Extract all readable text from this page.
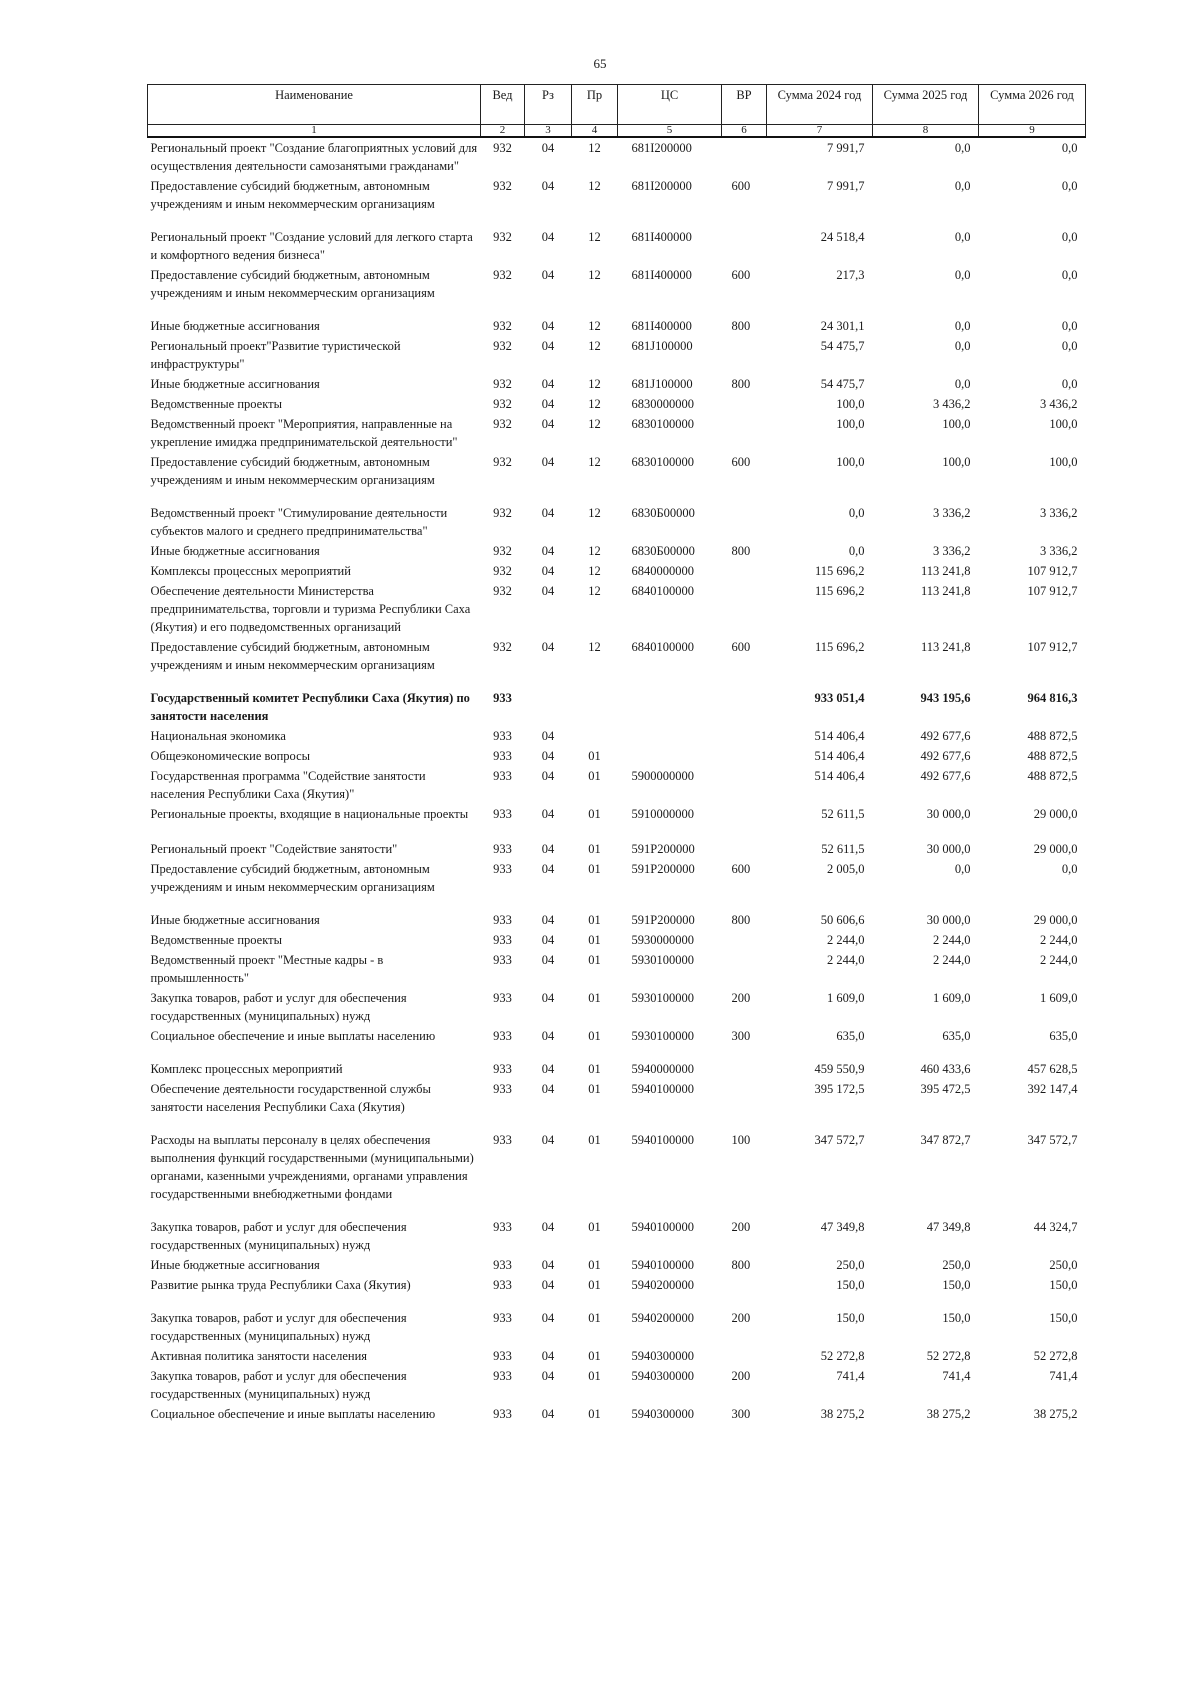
65
Наименование	Вед	Рз	Пр	ЦС	ВР	Сумма 2024 год	Сумма 2025 год	Сумма 2026 год
1	2	3	4	5	6	7	8	9
Региональный проект "Создание благоприятных условий для осуществления деятельности самозанятыми гражданами"	932	04	12	681I200000		7 991,7	0,0	0,0
Предоставление субсидий бюджетным, автономным учреждениям и иным некоммерческим организациям	932	04	12	681I200000	600	7 991,7	0,0	0,0
Региональный проект "Создание условий для легкого старта и комфортного ведения бизнеса"	932	04	12	681I400000		24 518,4	0,0	0,0
Предоставление субсидий бюджетным, автономным учреждениям и иным некоммерческим организациям	932	04	12	681I400000	600	217,3	0,0	0,0
Иные бюджетные ассигнования	932	04	12	681I400000	800	24 301,1	0,0	0,0
Региональный проект"Развитие туристической инфраструктуры"	932	04	12	681J100000		54 475,7	0,0	0,0
Иные бюджетные ассигнования	932	04	12	681J100000	800	54 475,7	0,0	0,0
Ведомственные проекты	932	04	12	6830000000		100,0	3 436,2	3 436,2
Ведомственный проект "Мероприятия, направленные на укрепление имиджа предпринимательской деятельности"	932	04	12	6830100000		100,0	100,0	100,0
Предоставление субсидий бюджетным, автономным учреждениям и иным некоммерческим организациям	932	04	12	6830100000	600	100,0	100,0	100,0
Ведомственный проект "Стимулирование деятельности субъектов малого и среднего предпринимательства"	932	04	12	6830Б00000		0,0	3 336,2	3 336,2
Иные бюджетные ассигнования	932	04	12	6830Б00000	800	0,0	3 336,2	3 336,2
Комплексы процессных мероприятий	932	04	12	6840000000		115 696,2	113 241,8	107 912,7
Обеспечение деятельности Министерства предпринимательства, торговли и туризма Республики Саха (Якутия) и его подведомственных организаций	932	04	12	6840100000		115 696,2	113 241,8	107 912,7
Предоставление субсидий бюджетным, автономным учреждениям и иным некоммерческим организациям	932	04	12	6840100000	600	115 696,2	113 241,8	107 912,7
Государственный комитет Республики Саха (Якутия) по занятости населения	933					933 051,4	943 195,6	964 816,3
Национальная экономика	933	04				514 406,4	492 677,6	488 872,5
Общеэкономические вопросы	933	04	01			514 406,4	492 677,6	488 872,5
Государственная программа "Содействие занятости населения Республики Саха (Якутия)"	933	04	01	5900000000		514 406,4	492 677,6	488 872,5
Региональные проекты, входящие в национальные проекты	933	04	01	5910000000		52 611,5	30 000,0	29 000,0
Региональный проект "Содействие занятости"	933	04	01	591P200000		52 611,5	30 000,0	29 000,0
Предоставление субсидий бюджетным, автономным учреждениям и иным некоммерческим организациям	933	04	01	591P200000	600	2 005,0	0,0	0,0
Иные бюджетные ассигнования	933	04	01	591P200000	800	50 606,6	30 000,0	29 000,0
Ведомственные проекты	933	04	01	5930000000		2 244,0	2 244,0	2 244,0
Ведомственный проект "Местные кадры - в промышленность"	933	04	01	5930100000		2 244,0	2 244,0	2 244,0
Закупка товаров, работ и услуг для обеспечения государственных (муниципальных) нужд	933	04	01	5930100000	200	1 609,0	1 609,0	1 609,0
Социальное обеспечение и иные выплаты населению	933	04	01	5930100000	300	635,0	635,0	635,0
Комплекс процессных мероприятий	933	04	01	5940000000		459 550,9	460 433,6	457 628,5
Обеспечение деятельности государственной службы занятости населения Республики Саха (Якутия)	933	04	01	5940100000		395 172,5	395 472,5	392 147,4
Расходы на выплаты персоналу в целях обеспечения выполнения функций государственными (муниципальными) органами, казенными учреждениями, органами управления государственными внебюджетными фондами	933	04	01	5940100000	100	347 572,7	347 872,7	347 572,7
Закупка товаров, работ и услуг для обеспечения государственных (муниципальных) нужд	933	04	01	5940100000	200	47 349,8	47 349,8	44 324,7
Иные бюджетные ассигнования	933	04	01	5940100000	800	250,0	250,0	250,0
Развитие рынка труда Республики Саха (Якутия)	933	04	01	5940200000		150,0	150,0	150,0
Закупка товаров, работ и услуг для обеспечения государственных (муниципальных) нужд	933	04	01	5940200000	200	150,0	150,0	150,0
Активная политика занятости населения	933	04	01	5940300000		52 272,8	52 272,8	52 272,8
Закупка товаров, работ и услуг для обеспечения государственных (муниципальных) нужд	933	04	01	5940300000	200	741,4	741,4	741,4
Социальное обеспечение и иные выплаты населению	933	04	01	5940300000	300	38 275,2	38 275,2	38 275,2
